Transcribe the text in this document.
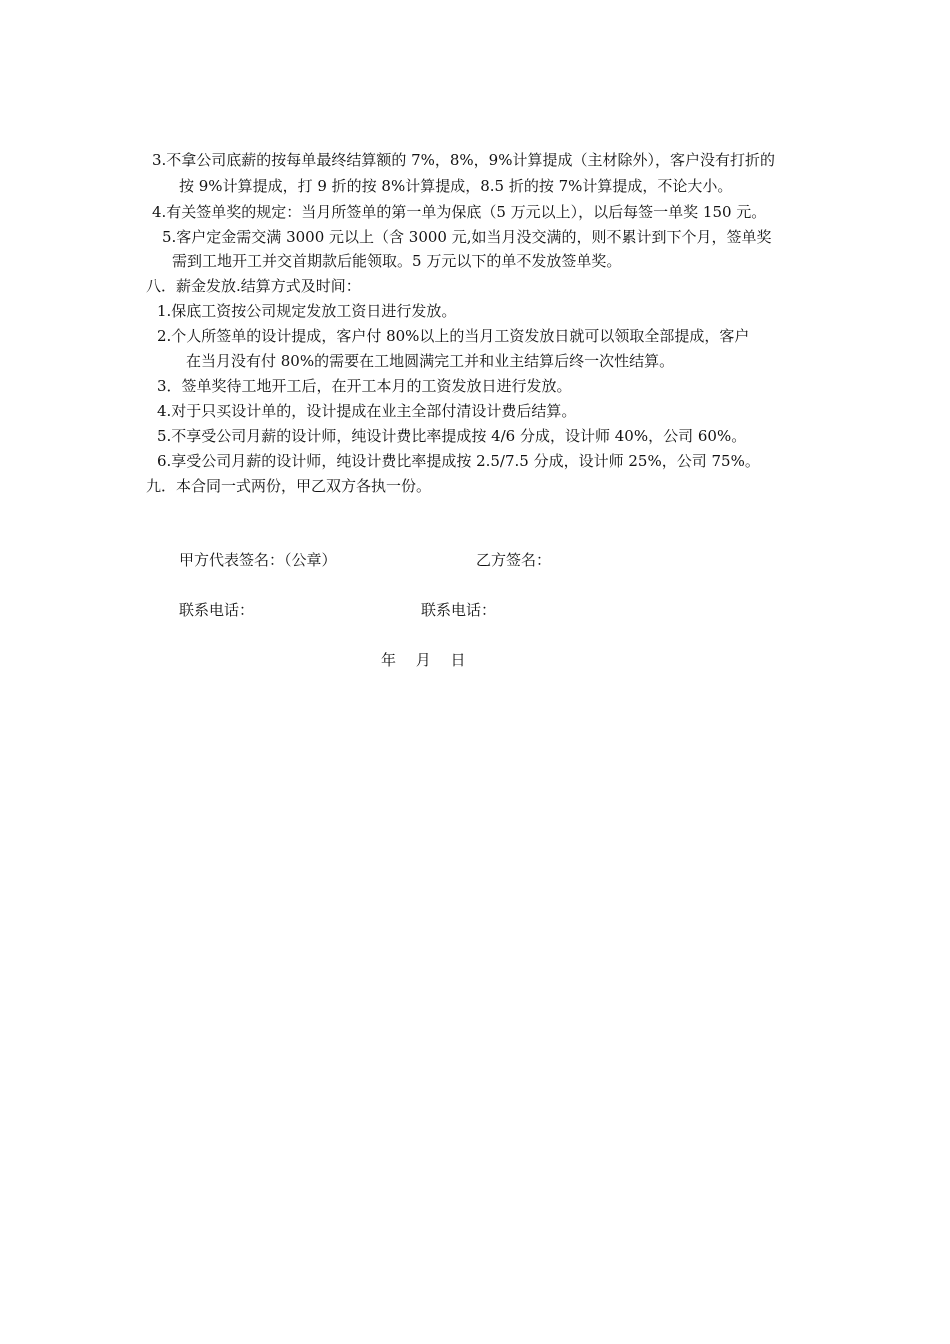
3.不拿公司底薪的按每单最终结算额的 7%，8%，9%计算提成（主材除外），客户没有打折的
按 9%计算提成，打 9 折的按 8%计算提成，8.5 折的按 7%计算提成，不论大小。
4.有关签单奖的规定：当月所签单的第一单为保底（5 万元以上），以后每签一单奖 150 元。
5.客户定金需交满 3000 元以上（含 3000 元,如当月没交满的，则不累计到下个月，签单奖
需到工地开工并交首期款后能领取。5 万元以下的单不发放签单奖。
八．薪金发放.结算方式及时间：
1.保底工资按公司规定发放工资日进行发放。
2.个人所签单的设计提成，客户付 80%以上的当月工资发放日就可以领取全部提成，客户
在当月没有付 80%的需要在工地圆满完工并和业主结算后终一次性结算。
3．签单奖待工地开工后，在开工本月的工资发放日进行发放。
4.对于只买设计单的，设计提成在业主全部付清设计费后结算。
5.不享受公司月薪的设计师，纯设计费比率提成按 4/6 分成，设计师 40%，公司 60%。
6.享受公司月薪的设计师，纯设计费比率提成按 2.5/7.5 分成，设计师 25%，公司 75%。
九．本合同一式两份，甲乙双方各执一份。
甲方代表签名：（公章）	乙方签名：
联系电话：	联系电话：
年　 月　 日
